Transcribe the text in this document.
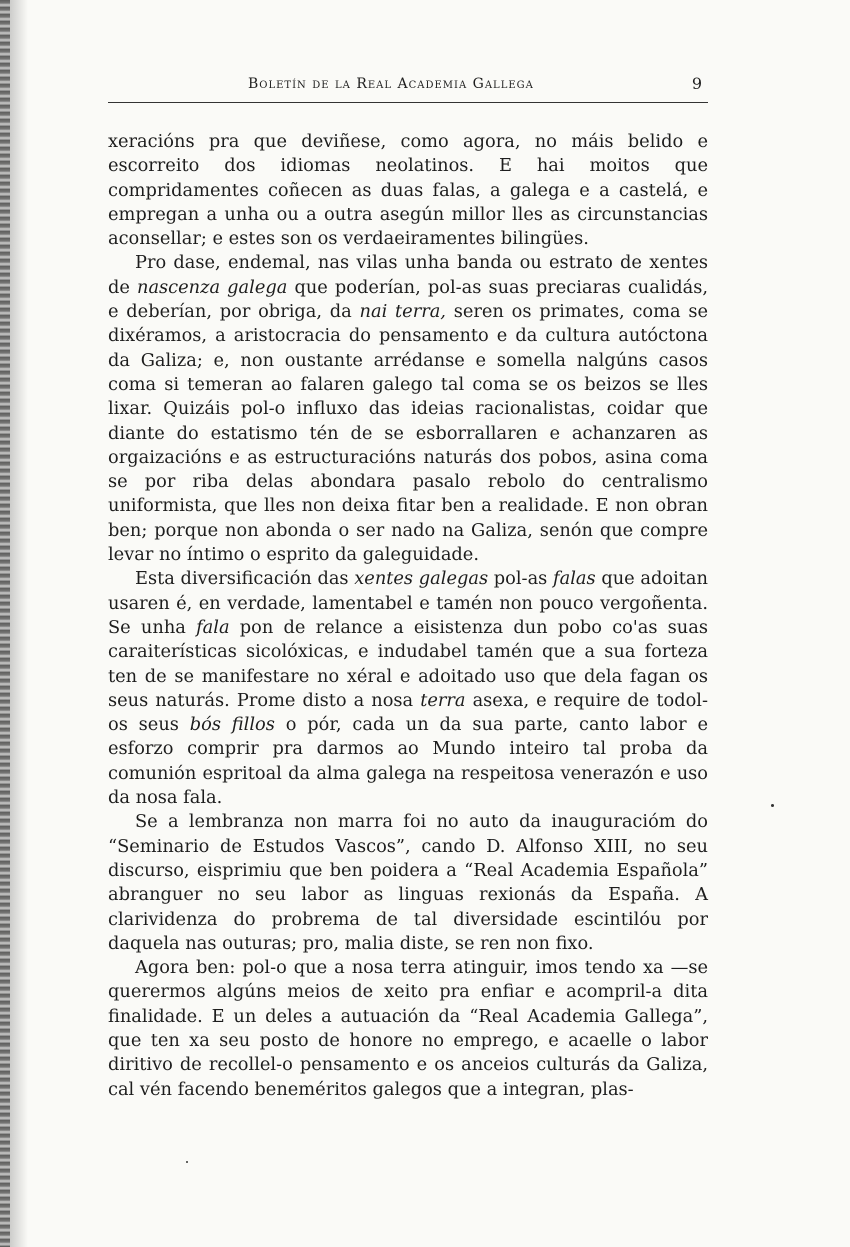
Boletín de la Real Academia Gallega	9

xeracións pra que deviñese, como agora, no máis belido e escorreito dos idiomas neolatinos. E hai moitos que compridamentes coñecen as duas falas, a galega e a castelá, e empregan a unha ou a outra asegún millor lles as circunstancias aconsellar; e estes son os verdaeiramentes bilingües.

Pro dase, endemal, nas vilas unha banda ou estrato de xentes de nascenza galega que poderían, pol-as suas preciaras cualidás, e deberían, por obriga, da nai terra, seren os primates, coma se dixéramos, a aristocracia do pensamento e da cultura autóctona da Galiza; e, non oustante arrédanse e somella nalgúns casos coma si temeran ao falaren galego tal coma se os beizos se lles lixar. Quizáis pol-o influxo das ideias racionalistas, coidar que diante do estatismo tén de se esborrallaren e achanzaren as orgaizacións e as estructuracións naturás dos pobos, asina coma se por riba delas abondara pasalo rebolo do centralismo uniformista, que lles non deixa fitar ben a realidade. E non obran ben; porque non abonda o ser nado na Galiza, senón que compre levar no íntimo o esprito da galeguidade.

Esta diversificación das xentes galegas pol-as falas que adoitan usaren é, en verdade, lamentabel e tamén non pouco vergoñenta. Se unha fala pon de relance a eisistenza dun pobo co'as suas caraiterísticas sicolóxicas, e indudabel tamén que a sua forteza ten de se manifestare no xéral e adoitado uso que dela fagan os seus naturás. Prome disto a nosa terra asexa, e require de todol-os seus bós fillos o pór, cada un da sua parte, canto labor e esforzo comprir pra darmos ao Mundo inteiro tal proba da comunión espritoal da alma galega na respeitosa venerazón e uso da nosa fala.

Se a lembranza non marra foi no auto da inauguracióm do “Seminario de Estudos Vascos”, cando D. Alfonso XIII, no seu discurso, eisprimiu que ben poidera a “Real Academia Española” abranguer no seu labor as linguas rexionás da España. A clarividenza do probrema de tal diversidade escintilóu por daquela nas outuras; pro, malia diste, se ren non fixo.

Agora ben: pol-o que a nosa terra atinguir, imos tendo xa —se querermos algúns meios de xeito pra enfiar e acompril-a dita finalidade. E un deles a autuación da “Real Academia Gallega”, que ten xa seu posto de honore no emprego, e acaelle o labor diritivo de recollel-o pensamento e os anceios culturás da Galiza, cal vén facendo beneméritos galegos que a integran, plas-
